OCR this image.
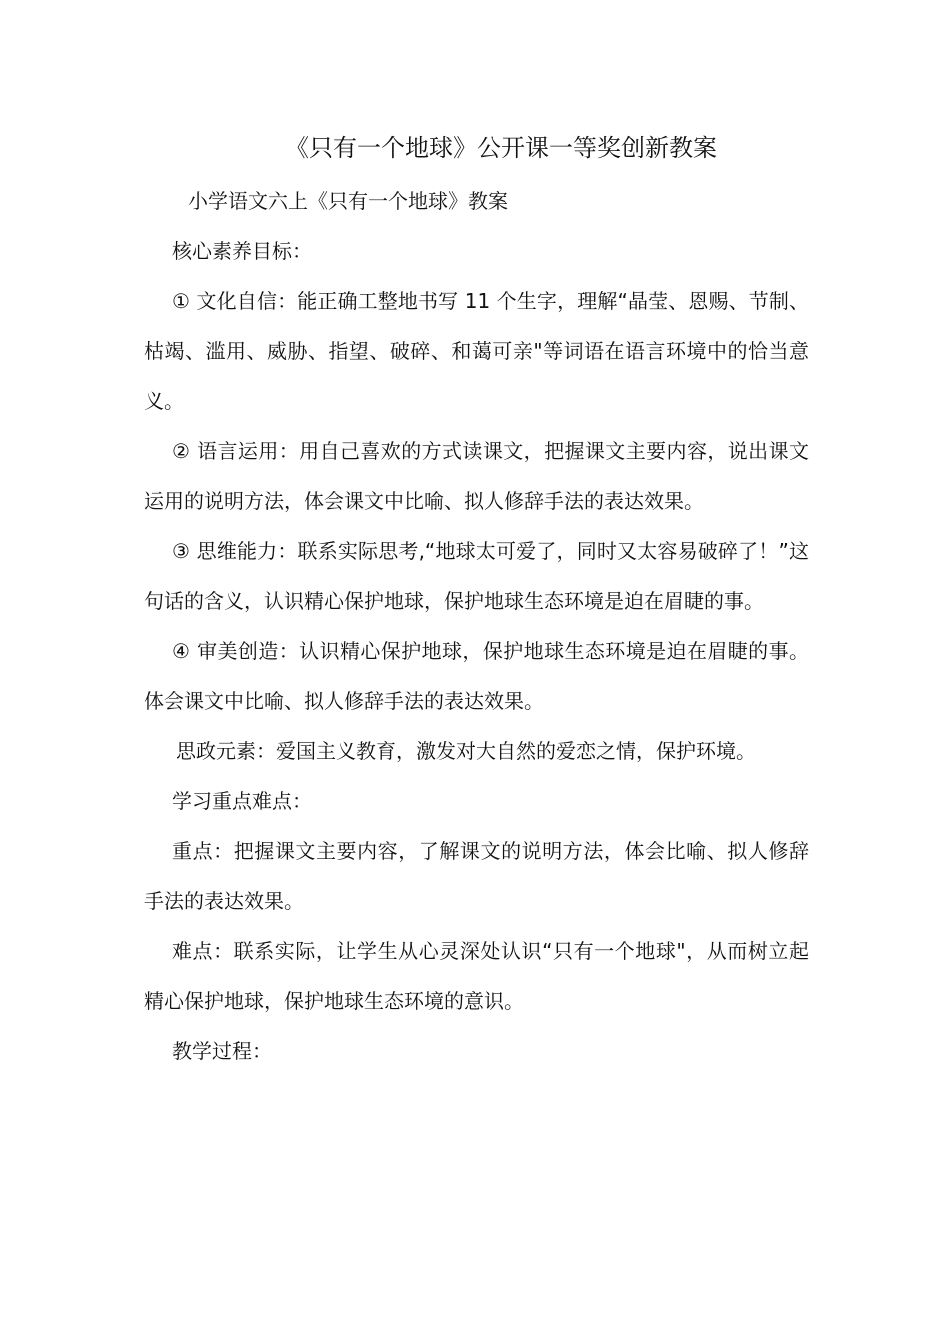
《只有一个地球》公开课一等奖创新教案

小学语文六上《只有一个地球》教案

核心素养目标：

① 文化自信：能正确工整地书写 11 个生字，理解“晶莹、恩赐、节制、枯竭、滥用、威胁、指望、破碎、和蔼可亲"等词语在语言环境中的恰当意义。

② 语言运用：用自己喜欢的方式读课文，把握课文主要内容，说出课文运用的说明方法，体会课文中比喻、拟人修辞手法的表达效果。

③ 思维能力：联系实际思考,“地球太可爱了，同时又太容易破碎了！”这句话的含义，认识精心保护地球，保护地球生态环境是迫在眉睫的事。

④ 审美创造：认识精心保护地球，保护地球生态环境是迫在眉睫的事。体会课文中比喻、拟人修辞手法的表达效果。

思政元素：爱国主义教育，激发对大自然的爱恋之情，保护环境。

学习重点难点：

重点：把握课文主要内容，了解课文的说明方法，体会比喻、拟人修辞手法的表达效果。

难点：联系实际，让学生从心灵深处认识“只有一个地球"，从而树立起精心保护地球，保护地球生态环境的意识。

教学过程：
